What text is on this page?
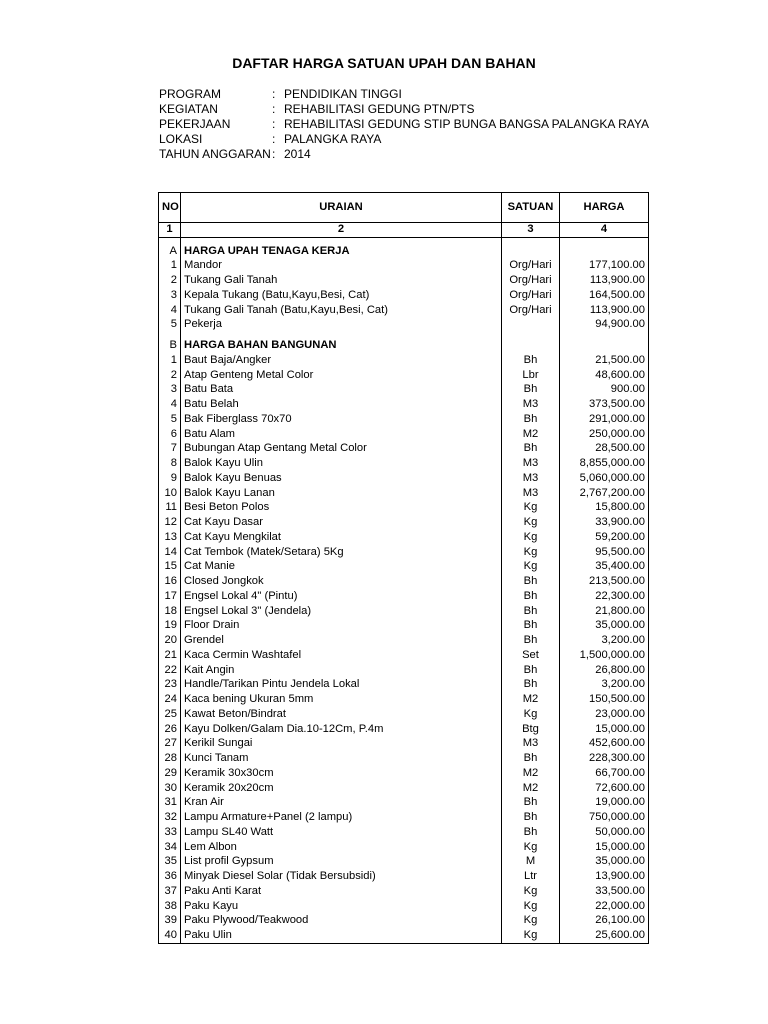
DAFTAR HARGA SATUAN UPAH DAN BAHAN
PROGRAM	: PENDIDIKAN TINGGI
KEGIATAN	: REHABILITASI GEDUNG PTN/PTS
PEKERJAAN	: REHABILITASI GEDUNG STIP BUNGA BANGSA PALANGKA RAYA
LOKASI	: PALANGKA RAYA
TAHUN ANGGARAN : 2014
NO	URAIAN	SATUAN	HARGA
1	2	3	4

A	HARGA UPAH TENAGA KERJA		
1	Mandor	Org/Hari	177,100.00
2	Tukang Gali Tanah	Org/Hari	113,900.00
3	Kepala Tukang (Batu,Kayu,Besi, Cat)	Org/Hari	164,500.00
4	Tukang Gali Tanah (Batu,Kayu,Besi, Cat)	Org/Hari	113,900.00
5	Pekerja		94,900.00

B	HARGA BAHAN BANGUNAN		
1	Baut Baja/Angker	Bh	21,500.00
2	Atap Genteng Metal Color	Lbr	48,600.00
3	Batu Bata	Bh	900.00
4	Batu Belah	M3	373,500.00
5	Bak Fiberglass 70x70	Bh	291,000.00
6	Batu Alam	M2	250,000.00
7	Bubungan Atap Gentang Metal Color	Bh	28,500.00
8	Balok Kayu Ulin	M3	8,855,000.00
9	Balok Kayu Benuas	M3	5,060,000.00
10	Balok Kayu Lanan	M3	2,767,200.00
11	Besi Beton Polos	Kg	15,800.00
12	Cat Kayu Dasar	Kg	33,900.00
13	Cat Kayu Mengkilat	Kg	59,200.00
14	Cat Tembok (Matek/Setara) 5Kg	Kg	95,500.00
15	Cat Manie	Kg	35,400.00
16	Closed Jongkok	Bh	213,500.00
17	Engsel Lokal 4" (Pintu)	Bh	22,300.00
18	Engsel Lokal 3" (Jendela)	Bh	21,800.00
19	Floor Drain	Bh	35,000.00
20	Grendel	Bh	3,200.00
21	Kaca Cermin Washtafel	Set	1,500,000.00
22	Kait Angin	Bh	26,800.00
23	Handle/Tarikan Pintu Jendela Lokal	Bh	3,200.00
24	Kaca bening Ukuran 5mm	M2	150,500.00
25	Kawat Beton/Bindrat	Kg	23,000.00
26	Kayu Dolken/Galam Dia.10-12Cm, P.4m	Btg	15,000.00
27	Kerikil Sungai	M3	452,600.00
28	Kunci Tanam	Bh	228,300.00
29	Keramik 30x30cm	M2	66,700.00
30	Keramik 20x20cm	M2	72,600.00
31	Kran Air	Bh	19,000.00
32	Lampu Armature+Panel (2 lampu)	Bh	750,000.00
33	Lampu SL40 Watt	Bh	50,000.00
34	Lem Albon	Kg	15,000.00
35	List profil Gypsum	M	35,000.00
36	Minyak Diesel Solar (Tidak Bersubsidi)	Ltr	13,900.00
37	Paku Anti Karat	Kg	33,500.00
38	Paku Kayu	Kg	22,000.00
39	Paku Plywood/Teakwood	Kg	26,100.00
40	Paku Ulin	Kg	25,600.00
